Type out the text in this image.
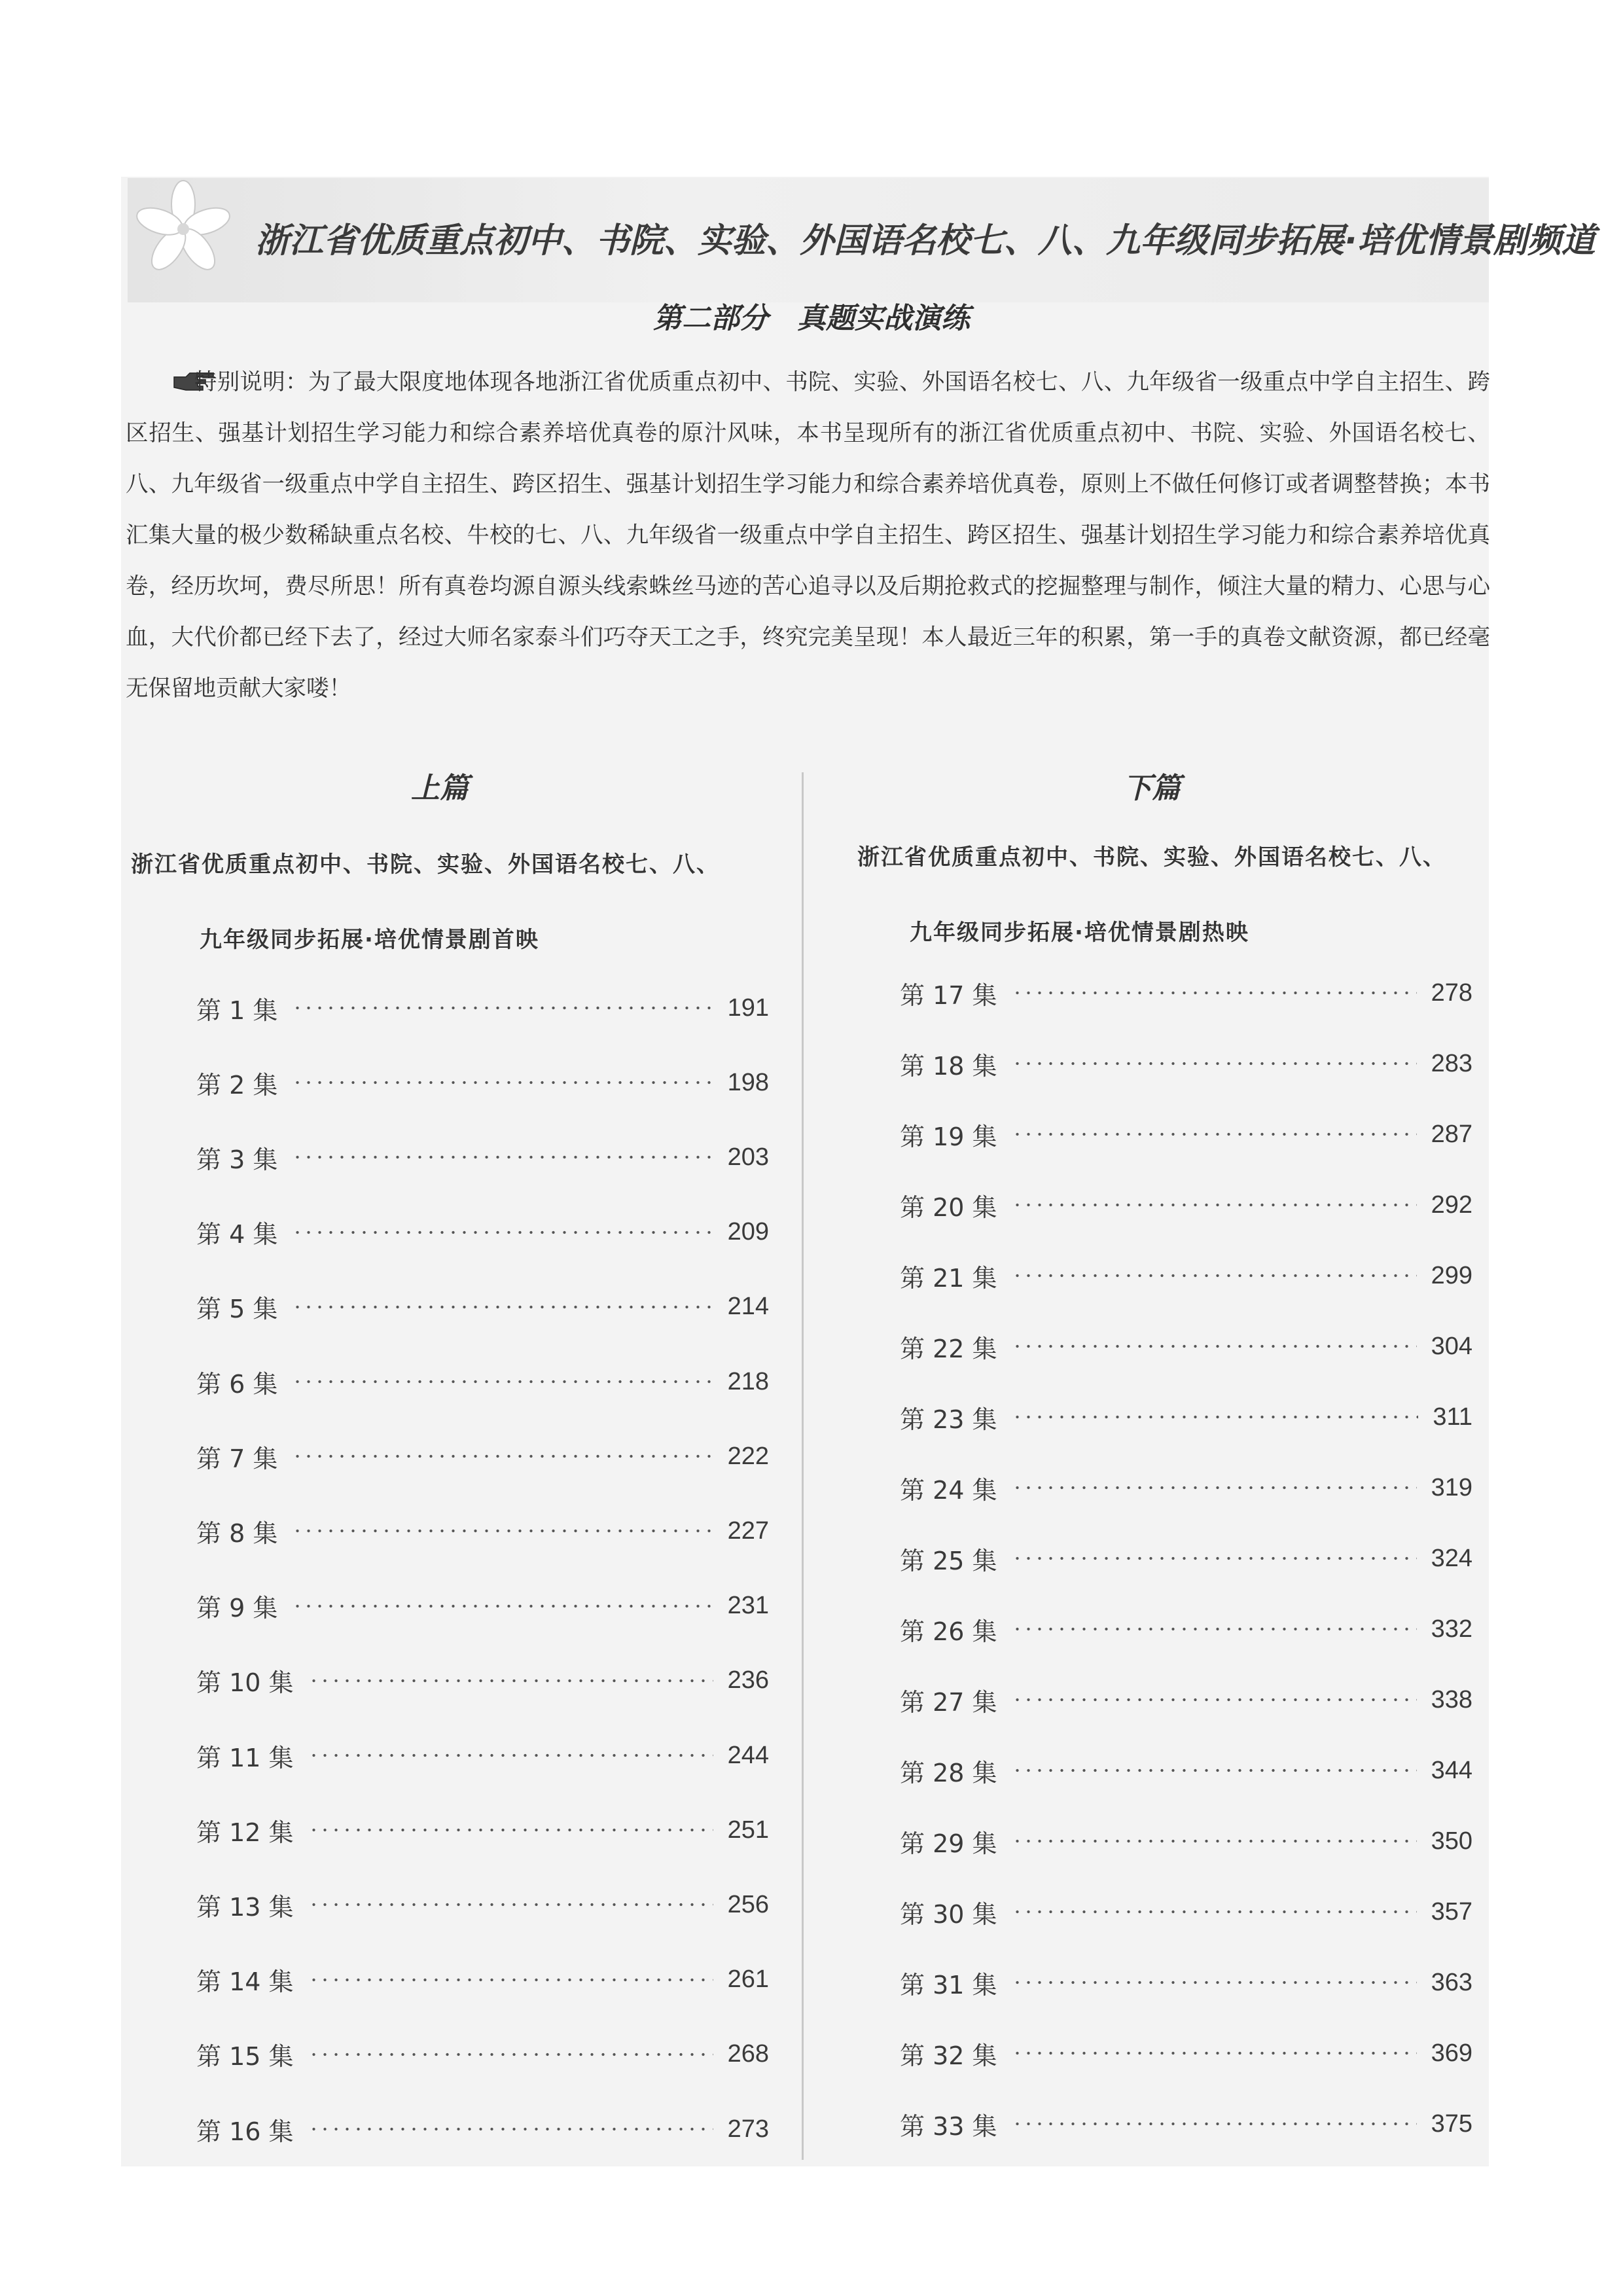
浙江省优质重点初中、书院、实验、外国语名校七、八、九年级同步拓展·培优情景剧频道
第二部分　真题实战演练
特别说明：为了最大限度地体现各地浙江省优质重点初中、书院、实验、外国语名校七、八、九年级省一级重点中学自主招生、跨区招生、强基计划招生学习能力和综合素养培优真卷的原汁风味，本书呈现所有的浙江省优质重点初中、书院、实验、外国语名校七、八、九年级省一级重点中学自主招生、跨区招生、强基计划招生学习能力和综合素养培优真卷，原则上不做任何修订或者调整替换；本书汇集大量的极少数稀缺重点名校、牛校的七、八、九年级省一级重点中学自主招生、跨区招生、强基计划招生学习能力和综合素养培优真卷，经历坎坷，费尽所思！所有真卷均源自源头线索蛛丝马迹的苦心追寻以及后期抢救式的挖掘整理与制作，倾注大量的精力、心思与心血，大代价都已经下去了，经过大师名家泰斗们巧夺天工之手，终究完美呈现！本人最近三年的积累，第一手的真卷文献资源，都已经毫无保留地贡献大家喽！
上篇
浙江省优质重点初中、书院、实验、外国语名校七、八、
九年级同步拓展·培优情景剧首映
第 1 集	191
第 2 集	198
第 3 集	203
第 4 集	209
第 5 集	214
第 6 集	218
第 7 集	222
第 8 集	227
第 9 集	231
第 10 集	236
第 11 集	244
第 12 集	251
第 13 集	256
第 14 集	261
第 15 集	268
第 16 集	273
下篇
浙江省优质重点初中、书院、实验、外国语名校七、八、
九年级同步拓展·培优情景剧热映
第 17 集	278
第 18 集	283
第 19 集	287
第 20 集	292
第 21 集	299
第 22 集	304
第 23 集	311
第 24 集	319
第 25 集	324
第 26 集	332
第 27 集	338
第 28 集	344
第 29 集	350
第 30 集	357
第 31 集	363
第 32 集	369
第 33 集	375
